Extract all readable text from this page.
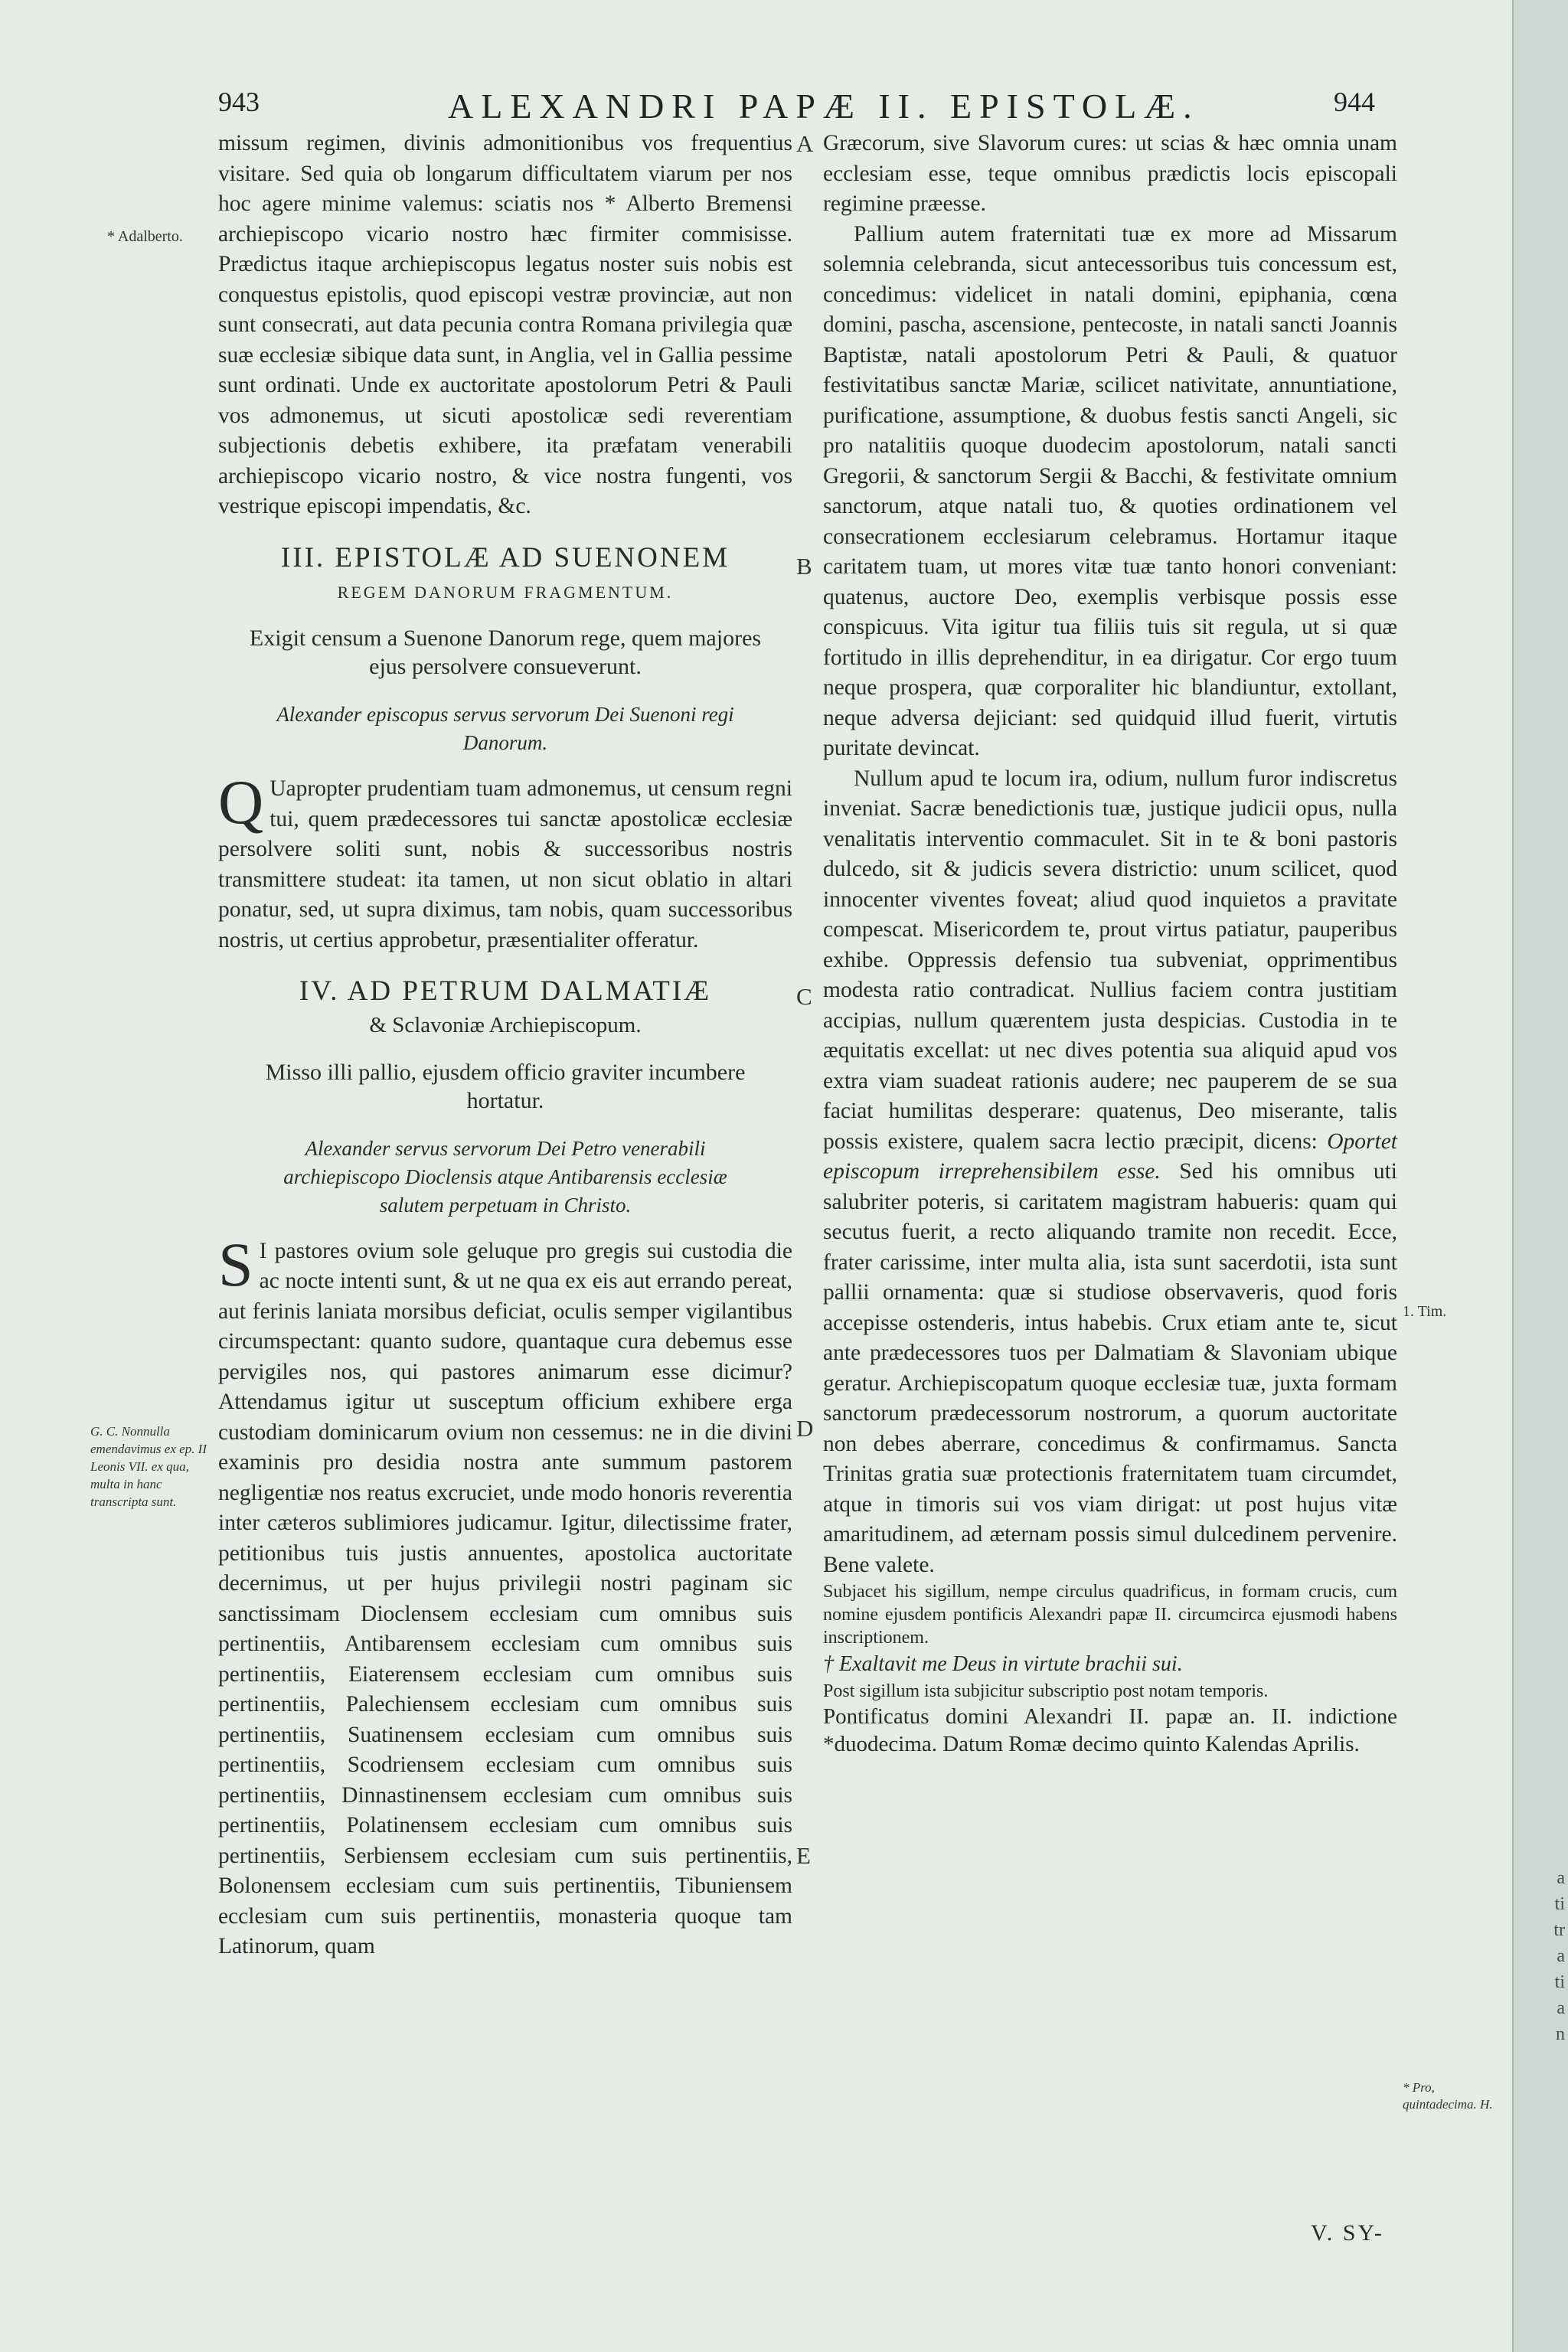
943	ALEXANDRI PAPÆ II. EPISTOLÆ.	944
* Adalberto.
G. C. Nonnulla emendavimus ex ep. II Leonis VII. ex qua, multa in hanc transcripta sunt.
1. Tim.
* Pro, quintadecima. H.
A
B
C
D
E

missum regimen, divinis admonitionibus vos frequentius visitare. Sed quia ob longarum difficultatem viarum per nos hoc agere minime valemus: sciatis nos * Alberto Bremensi archiepiscopo vicario nostro hæc firmiter commisisse. Prædictus itaque archiepiscopus legatus noster suis nobis est conquestus epistolis, quod episcopi vestræ provinciæ, aut non sunt consecrati, aut data pecunia contra Romana privilegia quæ suæ ecclesiæ sibique data sunt, in Anglia, vel in Gallia pessime sunt ordinati. Unde ex auctoritate apostolorum Petri & Pauli vos admonemus, ut sicuti apostolicæ sedi reverentiam subjectionis debetis exhibere, ita præfatam venerabili archiepiscopo vicario nostro, & vice nostra fungenti, vos vestrique episcopi impendatis, &c.

III. EPISTOLÆ AD SUENONEM
REGEM DANORUM FRAGMENTUM.
Exigit censum a Suenone Danorum rege, quem majores ejus persolvere consueverunt.
Alexander episcopus servus servorum Dei Suenoni regi Danorum.

Q Uapropter prudentiam tuam admonemus, ut censum regni tui, quem prædecessores tui sanctæ apostolicæ ecclesiæ persolvere soliti sunt, nobis & successoribus nostris transmittere studeat: ita tamen, ut non sicut oblatio in altari ponatur, sed, ut supra diximus, tam nobis, quam successoribus nostris, ut certius approbetur, præsentialiter offeratur.

IV. AD PETRUM DALMATIÆ
& Sclavoniæ Archiepiscopum.
Misso illi pallio, ejusdem officio graviter incumbere hortatur.
Alexander servus servorum Dei Petro venerabili archiepiscopo Dioclensis atque Antibarensis ecclesiæ salutem perpetuam in Christo.

S I pastores ovium sole geluque pro gregis sui custodia die ac nocte intenti sunt, & ut ne qua ex eis aut errando pereat, aut ferinis laniata morsibus deficiat, oculis semper vigilantibus circumspectant: quanto sudore, quantaque cura debemus esse pervigiles nos, qui pastores animarum esse dicimur? Attendamus igitur ut susceptum officium exhibere erga custodiam dominicarum ovium non cessemus: ne in die divini examinis pro desidia nostra ante summum pastorem negligentiæ nos reatus excruciet, unde modo honoris reverentia inter cæteros sublimiores judicamur. Igitur, dilectissime frater, petitionibus tuis justis annuentes, apostolica auctoritate decernimus, ut per hujus privilegii nostri paginam sic sanctissimam Dioclensem ecclesiam cum omnibus suis pertinentiis, Antibarensem ecclesiam cum omnibus suis pertinentiis, Eiaterensem ecclesiam cum omnibus suis pertinentiis, Palechiensem ecclesiam cum omnibus suis pertinentiis, Suatinensem ecclesiam cum omnibus suis pertinentiis, Scodriensem ecclesiam cum omnibus suis pertinentiis, Dinnastinensem ecclesiam cum omnibus suis pertinentiis, Polatinensem ecclesiam cum omnibus suis pertinentiis, Serbiensem ecclesiam cum suis pertinentiis, Bolonensem ecclesiam cum suis pertinentiis, Tibuniensem ecclesiam cum suis pertinentiis, monasteria quoque tam Latinorum, quam

Græcorum, sive Slavorum cures: ut scias & hæc omnia unam ecclesiam esse, teque omnibus prædictis locis episcopali regimine præesse.

Pallium autem fraternitati tuæ ex more ad Missarum solemnia celebranda, sicut antecessoribus tuis concessum est, concedimus: videlicet in natali domini, epiphania, cœna domini, pascha, ascensione, pentecoste, in natali sancti Joannis Baptistæ, natali apostolorum Petri & Pauli, & quatuor festivitatibus sanctæ Mariæ, scilicet nativitate, annuntiatione, purificatione, assumptione, & duobus festis sancti Angeli, sic pro natalitiis quoque duodecim apostolorum, natali sancti Gregorii, & sanctorum Sergii & Bacchi, & festivitate omnium sanctorum, atque natali tuo, & quoties ordinationem vel consecrationem ecclesiarum celebramus. Hortamur itaque caritatem tuam, ut mores vitæ tuæ tanto honori conveniant: quatenus, auctore Deo, exemplis verbisque possis esse conspicuus. Vita igitur tua filiis tuis sit regula, ut si quæ fortitudo in illis deprehenditur, in ea dirigatur. Cor ergo tuum neque prospera, quæ corporaliter hic blandiuntur, extollant, neque adversa dejiciant: sed quidquid illud fuerit, virtutis puritate devincat.

Nullum apud te locum ira, odium, nullum furor indiscretus inveniat. Sacræ benedictionis tuæ, justique judicii opus, nulla venalitatis interventio commaculet. Sit in te & boni pastoris dulcedo, sit & judicis severa districtio: unum scilicet, quod innocenter viventes foveat; aliud quod inquietos a pravitate compescat. Misericordem te, prout virtus patiatur, pauperibus exhibe. Oppressis defensio tua subveniat, opprimentibus modesta ratio contradicat. Nullius faciem contra justitiam accipias, nullum quærentem justa despicias. Custodia in te æquitatis excellat: ut nec dives potentia sua aliquid apud vos extra viam suadeat rationis audere; nec pauperem de se sua faciat humilitas desperare: quatenus, Deo miserante, talis possis existere, qualem sacra lectio præcipit, dicens: Oportet episcopum irreprehensibilem esse. Sed his omnibus uti salubriter poteris, si caritatem magistram habueris: quam qui secutus fuerit, a recto aliquando tramite non recedit. Ecce, frater carissime, inter multa alia, ista sunt sacerdotii, ista sunt pallii ornamenta: quæ si studiose observaveris, quod foris accepisse ostenderis, intus habebis. Crux etiam ante te, sicut ante prædecessores tuos per Dalmatiam & Slavoniam ubique geratur. Archiepiscopatum quoque ecclesiæ tuæ, juxta formam sanctorum prædecessorum nostrorum, a quorum auctoritate non debes aberrare, concedimus & confirmamus. Sancta Trinitas gratia suæ protectionis fraternitatem tuam circumdet, atque in timoris sui vos viam dirigat: ut post hujus vitæ amaritudinem, ad æternam possis simul dulcedinem pervenire. Bene valete.

Subjacet his sigillum, nempe circulus quadrificus, in formam crucis, cum nomine ejusdem pontificis Alexandri papæ II. circumcirca ejusmodi habens inscriptionem.

† Exaltavit me Deus in virtute brachii sui.

Post sigillum ista subjicitur subscriptio post notam temporis.

Pontificatus domini Alexandri II. papæ an. II. indictione *duodecima. Datum Romæ decimo quinto Kalendas Aprilis.

V. SY-
a
ti
tr
a
ti
a
n
